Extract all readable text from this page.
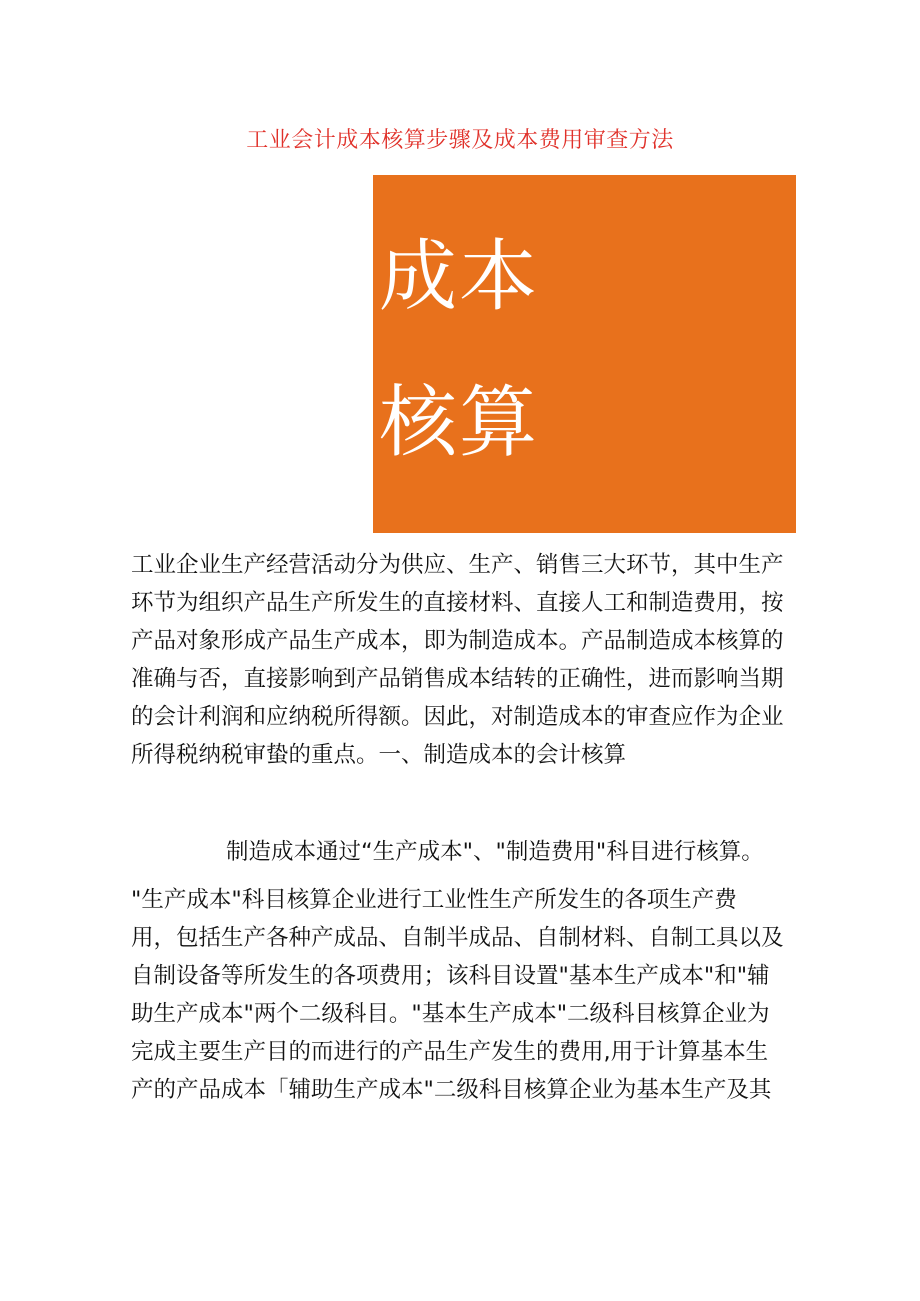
工业会计成本核算步骤及成本费用审查方法
成本
核算

工业企业生产经营活动分为供应、生产、销售三大环节，其中生产
环节为组织产品生产所发生的直接材料、直接人工和制造费用，按
产品对象形成产品生产成本，即为制造成本。产品制造成本核算的
准确与否，直接影响到产品销售成本结转的正确性，进而影响当期
的会计利润和应纳税所得额。因此，对制造成本的审查应作为企业
所得税纳税审蛰的重点。一、制造成本的会计核算

制造成本通过“生产成本"、"制造费用"科目进行核算。

"生产成本"科目核算企业进行工业性生产所发生的各项生产费
用，包括生产各种产成品、自制半成品、自制材料、自制工具以及
自制设备等所发生的各项费用；该科目设置"基本生产成本"和"辅
助生产成本"两个二级科目。"基本生产成本"二级科目核算企业为
完成主要生产目的而进行的产品生产发生的费用,用于计算基本生
产的产品成本「辅助生产成本"二级科目核算企业为基本生产及其
